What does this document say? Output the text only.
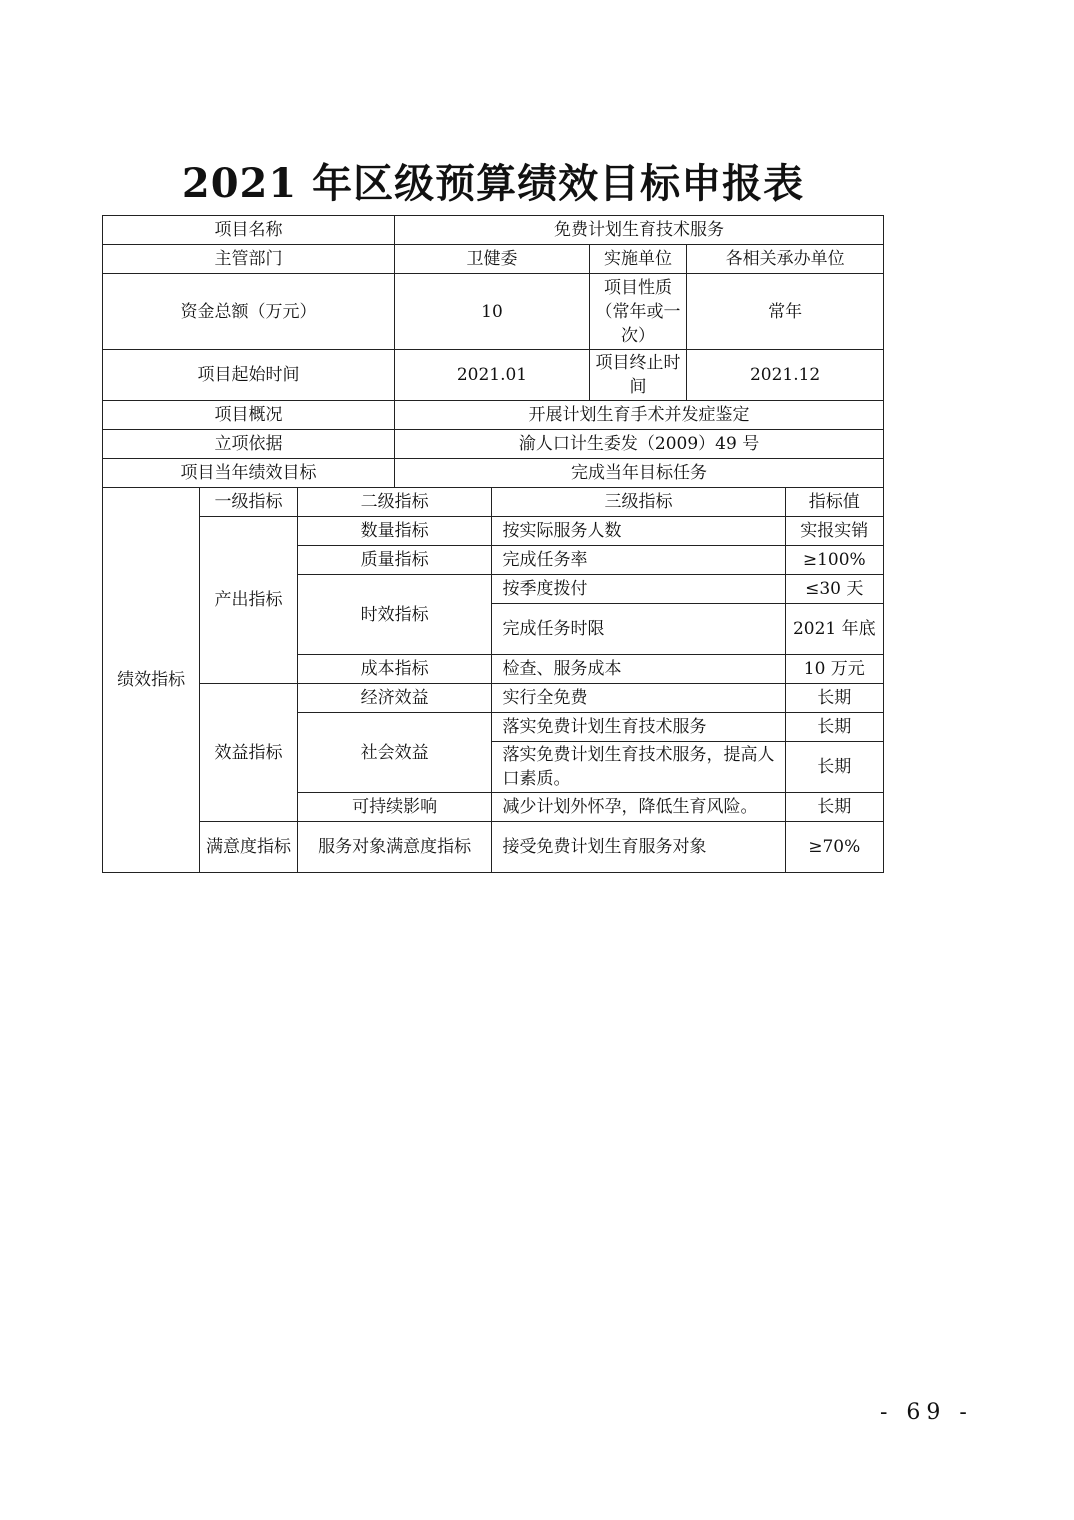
2021 年区级预算绩效目标申报表
项目名称			免费计划生育技术服务				
主管部门			卫健委		实施单位	各相关承办单位	
资金总额（万元）			10		项目性质（常年或一次）	常年	
项目起始时间			2021.01		项目终止时间	2021.12	
项目概况			开展计划生育手术并发症鉴定				
立项依据			渝人口计生委发（2009）49 号				
项目当年绩效目标			完成当年目标任务				
绩效指标	一级指标	二级指标		三级指标			指标值
	产出指标	数量指标		按实际服务人数			实报实销
		质量指标		完成任务率			≥100%
		时效指标		按季度拨付			≤30 天
				完成任务时限			2021 年底
		成本指标		检查、服务成本			10 万元
	效益指标	经济效益		实行全免费			长期
		社会效益		落实免费计划生育技术服务			长期
				落实免费计划生育技术服务，提高人口素质。			长期
		可持续影响		减少计划外怀孕，降低生育风险。			长期
	满意度指标	服务对象满意度指标		接受免费计划生育服务对象			≥70%
- 69 -
